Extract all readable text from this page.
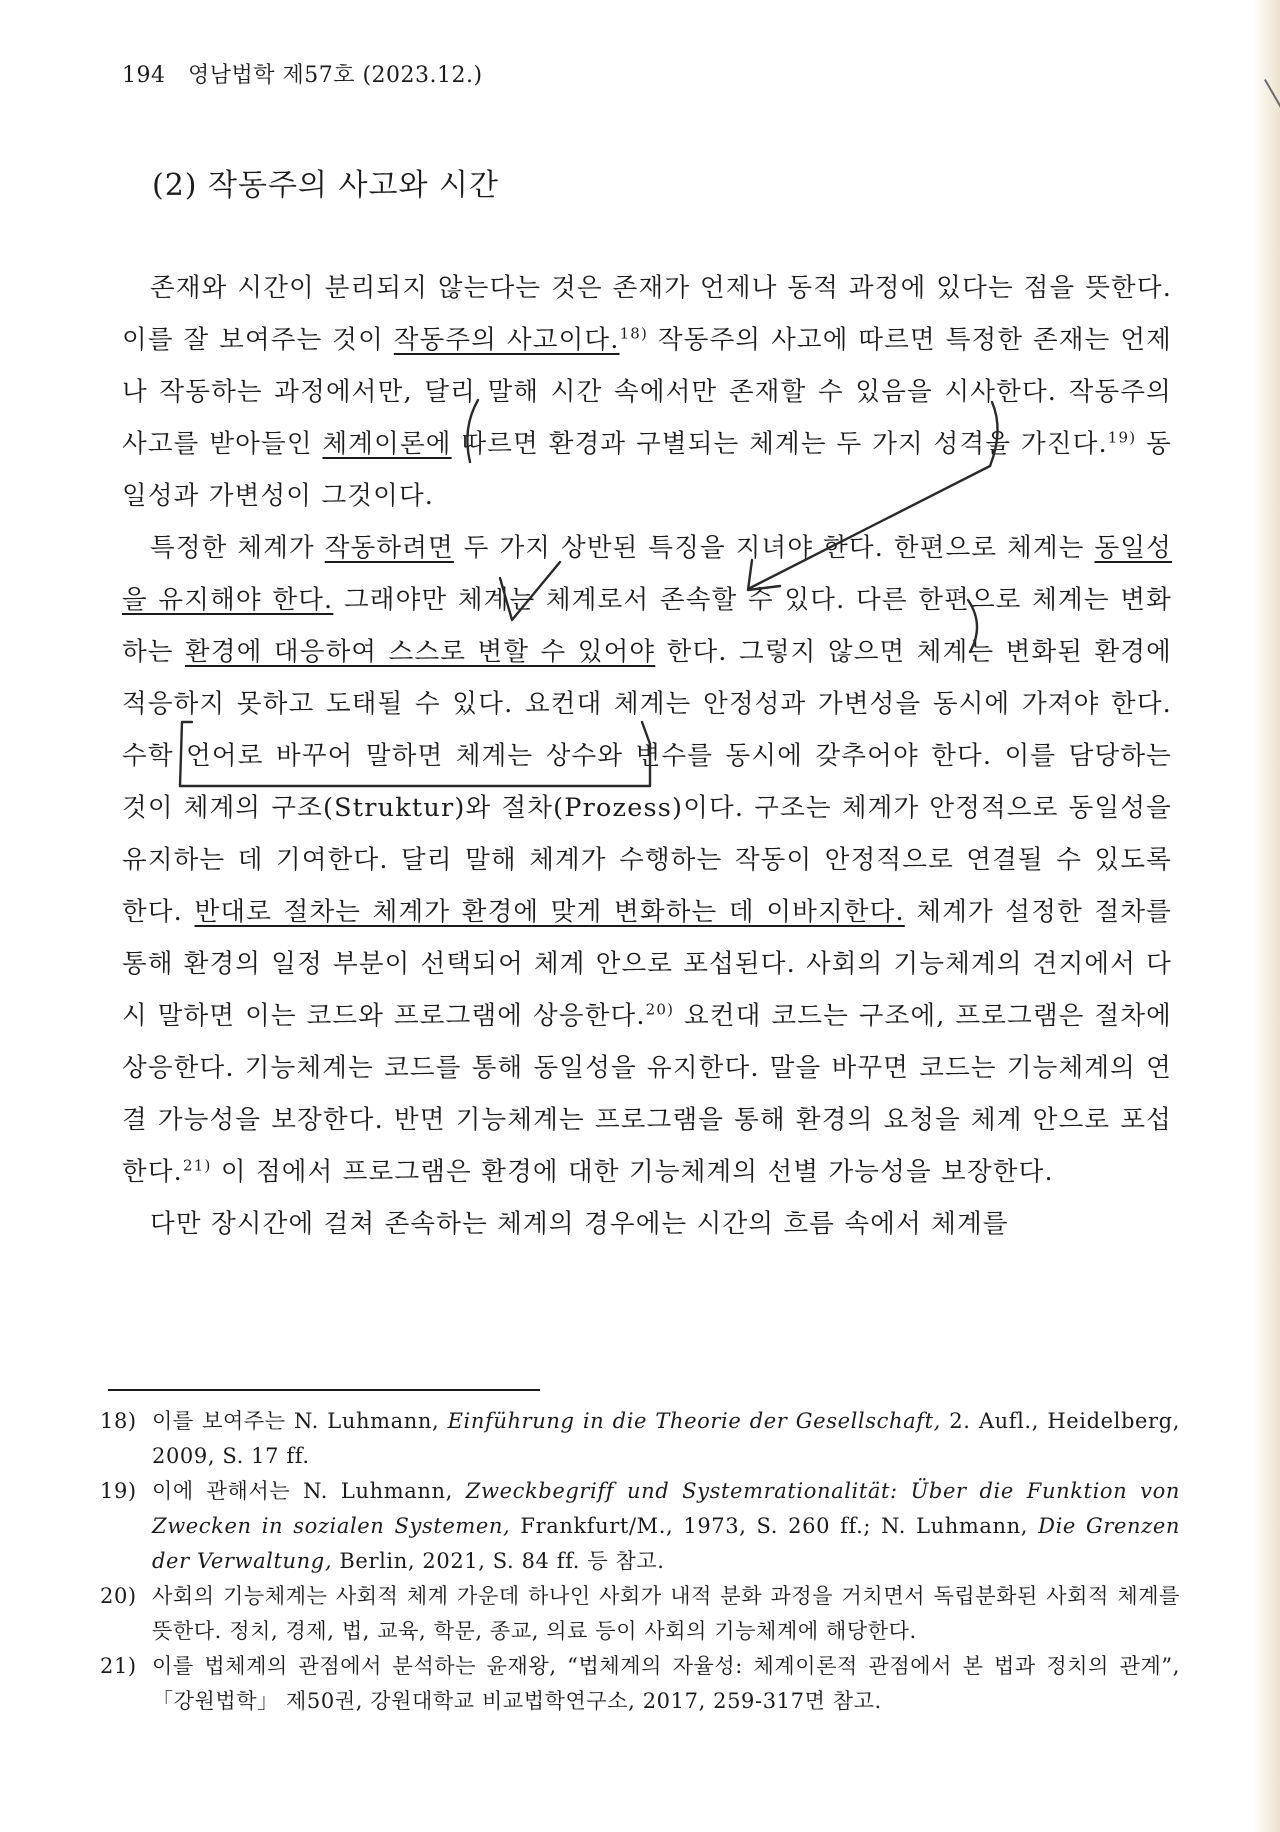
194 영남법학 제57호 (2023.12.)
(2) 작동주의 사고와 시간

존재와 시간이 분리되지 않는다는 것은 존재가 언제나 동적 과정에 있다는 점을 뜻한다. 이를 잘 보여주는 것이 작동주의 사고이다.$^{18)}$ 작동주의 사고에 따르면 특정한 존재는 언제나 작동하는 과정에서만, 달리 말해 시간 속에서만 존재할 수 있음을 시사한다. 작동주의 사고를 받아들인 체계이론에 따르면 환경과 구별되는 체계는 두 가지 성격을 가진다.$^{19)}$ 동일성과 가변성이 그것이다.

특정한 체계가 작동하려면 두 가지 상반된 특징을 지녀야 한다. 한편으로 체계는 동일성을 유지해야 한다. 그래야만 체계는 체계로서 존속할 수 있다. 다른 한편으로 체계는 변화하는 환경에 대응하여 스스로 변할 수 있어야 한다. 그렇지 않으면 체계는 변화된 환경에 적응하지 못하고 도태될 수 있다. 요컨대 체계는 안정성과 가변성을 동시에 가져야 한다. 수학 언어로 바꾸어 말하면 체계는 상수와 변수를 동시에 갖추어야 한다. 이를 담당하는 것이 체계의 구조(Struktur)와 절차(Prozess)이다. 구조는 체계가 안정적으로 동일성을 유지하는 데 기여한다. 달리 말해 체계가 수행하는 작동이 안정적으로 연결될 수 있도록 한다. 반대로 절차는 체계가 환경에 맞게 변화하는 데 이바지한다. 체계가 설정한 절차를 통해 환경의 일정 부분이 선택되어 체계 안으로 포섭된다. 사회의 기능체계의 견지에서 다시 말하면 이는 코드와 프로그램에 상응한다.$^{20)}$ 요컨대 코드는 구조에, 프로그램은 절차에 상응한다. 기능체계는 코드를 통해 동일성을 유지한다. 말을 바꾸면 코드는 기능체계의 연결 가능성을 보장한다. 반면 기능체계는 프로그램을 통해 환경의 요청을 체계 안으로 포섭한다.$^{21)}$ 이 점에서 프로그램은 환경에 대한 기능체계의 선별 가능성을 보장한다.

다만 장시간에 걸쳐 존속하는 체계의 경우에는 시간의 흐름 속에서 체계를

18) 이를 보여주는 N. Luhmann, Einführung in die Theorie der Gesellschaft, 2. Aufl., Heidelberg, 2009, S. 17 ff.
19) 이에 관해서는 N. Luhmann, Zweckbegriff und Systemrationalität: Über die Funktion von Zwecken in sozialen Systemen, Frankfurt/M., 1973, S. 260 ff.; N. Luhmann, Die Grenzen der Verwaltung, Berlin, 2021, S. 84 ff. 등 참고.
20) 사회의 기능체계는 사회적 체계 가운데 하나인 사회가 내적 분화 과정을 거치면서 독립분화된 사회적 체계를 뜻한다. 정치, 경제, 법, 교육, 학문, 종교, 의료 등이 사회의 기능체계에 해당한다.
21) 이를 법체계의 관점에서 분석하는 윤재왕, “법체계의 자율성: 체계이론적 관점에서 본 법과 정치의 관계”, 「강원법학」 제50권, 강원대학교 비교법학연구소, 2017, 259-317면 참고.
